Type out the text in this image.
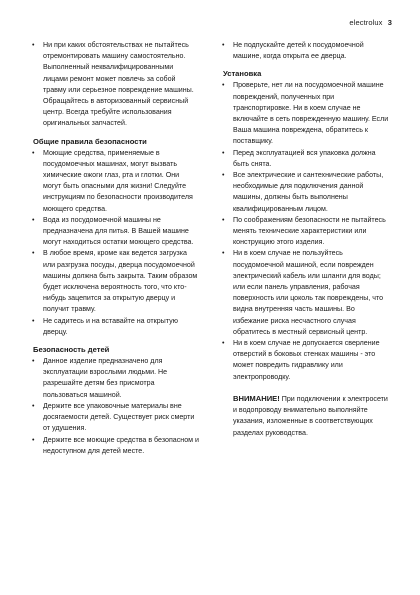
electrolux 3
• Ни при каких обстоятельствах не пытайтесь отремонтировать машину самостоятельно. Выполненный неквалифицированными лицами ремонт может повлечь за собой травму или серьезное повреждение машины. Обращайтесь в авторизованный сервисный центр. Всегда требуйте использования оригинальных запчастей.
Общие правила безопасности
• Моющие средства, применяемые в посудомоечных машинах, могут вызвать химические ожоги глаз, рта и глотки. Они могут быть опасными для жизни! Следуйте инструкциям по безопасности производителя моющего средства.
• Вода из посудомоечной машины не предназначена для питья. В Вашей машине могут находиться остатки моющего средства.
• В любое время, кроме как ведется загрузка или разгрузка посуды, дверца посудомоечной машины должна быть закрыта. Таким образом будет исключена вероятность того, что кто-нибудь зацепится за открытую дверцу и получит травму.
• Не садитесь и на вставайте на открытую дверцу.
Безопасность детей
• Данное изделие предназначено для эксплуатации взрослыми людьми. Не разрешайте детям без присмотра пользоваться машиной.
• Держите все упаковочные материалы вне досягаемости детей. Существует риск смерти от удушения.
• Держите все моющие средства в безопасном и недоступном для детей месте.
• Не подпускайте детей к посудомоечной машине, когда открыта ее дверца.
Установка
• Проверьте, нет ли на посудомоечной машине повреждений, полученных при транспортировке. Ни в коем случае не включайте в сеть поврежденную машину. Если Ваша машина повреждена, обратитесь к поставщику.
• Перед эксплуатацией вся упаковка должна быть снята.
• Все электрические и сантехнические работы, необходимые для подключения данной машины, должны быть выполнены квалифицированным лицом.
• По соображениям безопасности не пытайтесь менять технические характеристики или конструкцию этого изделия.
• Ни в коем случае не пользуйтесь посудомоечной машиной, если поврежден электрический кабель или шланги для воды; или если панель управления, рабочая поверхность или цоколь так повреждены, что видна внутренняя часть машины. Во избежание риска несчастного случая обратитесь в местный сервисный центр.
• Ни в коем случае не допускается сверление отверстий в боковых стенках машины - это может повредить гидравлику или электропроводку.
ВНИМАНИЕ! При подключении к электросети и водопроводу внимательно выполняйте указания, изложенные в соответствующих разделах руководства.
